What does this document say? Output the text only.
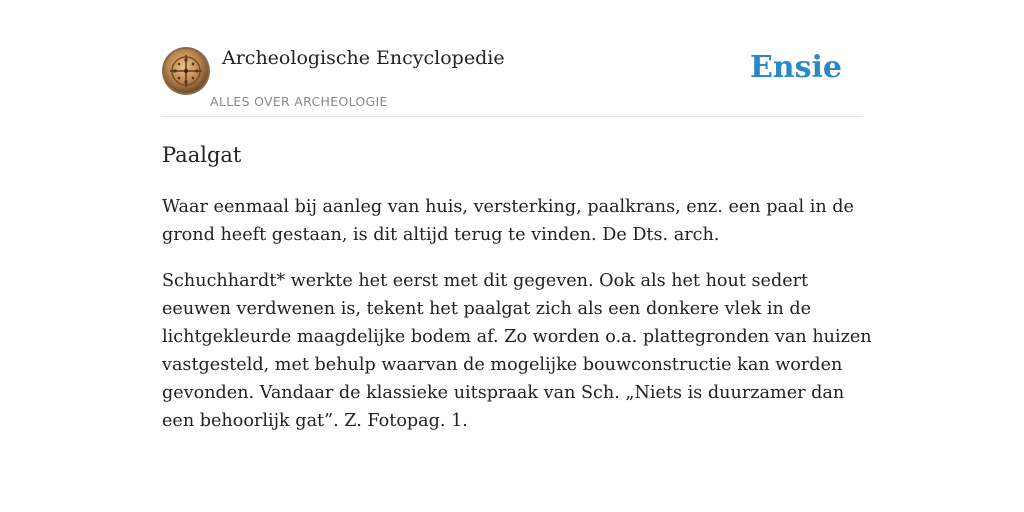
Archeologische Encyclopedie
ALLES OVER ARCHEOLOGIE
Ensie
Paalgat

Waar eenmaal bij aanleg van huis, versterking, paalkrans, enz. een paal in de grond heeft gestaan, is dit altijd terug te vinden. De Dts. arch.

Schuchhardt* werkte het eerst met dit gegeven. Ook als het hout sedert eeuwen verdwenen is, tekent het paalgat zich als een donkere vlek in de lichtgekleurde maagdelijke bodem af. Zo worden o.a. plattegronden van huizen vastgesteld, met behulp waarvan de mogelijke bouwconstructie kan worden gevonden. Vandaar de klassieke uitspraak van Sch. „Niets is duurzamer dan een behoorlijk gat”. Z. Fotopag. 1.
